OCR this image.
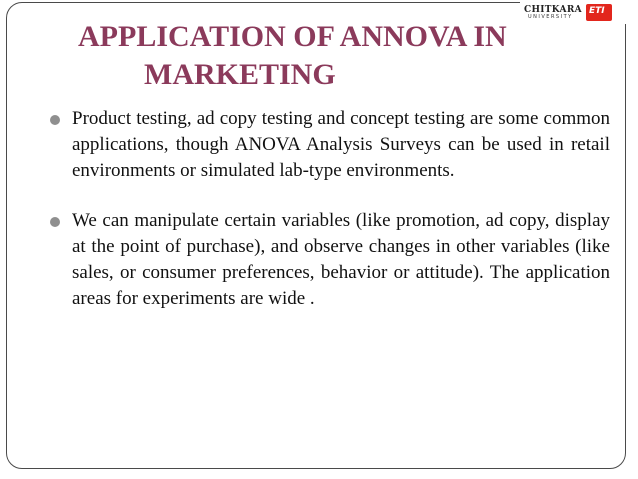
CHITKARA
UNIVERSITY
ETI
APPLICATION OF ANNOVA IN
MARKETING
Product testing, ad copy testing and concept testing are some common applications, though ANOVA Analysis Surveys can be used in retail environments or simulated lab-type environments.
We can manipulate certain variables (like promotion, ad copy, display at the point of purchase), and observe changes in other variables (like sales, or consumer preferences, behavior or attitude). The application areas for experiments are wide .
